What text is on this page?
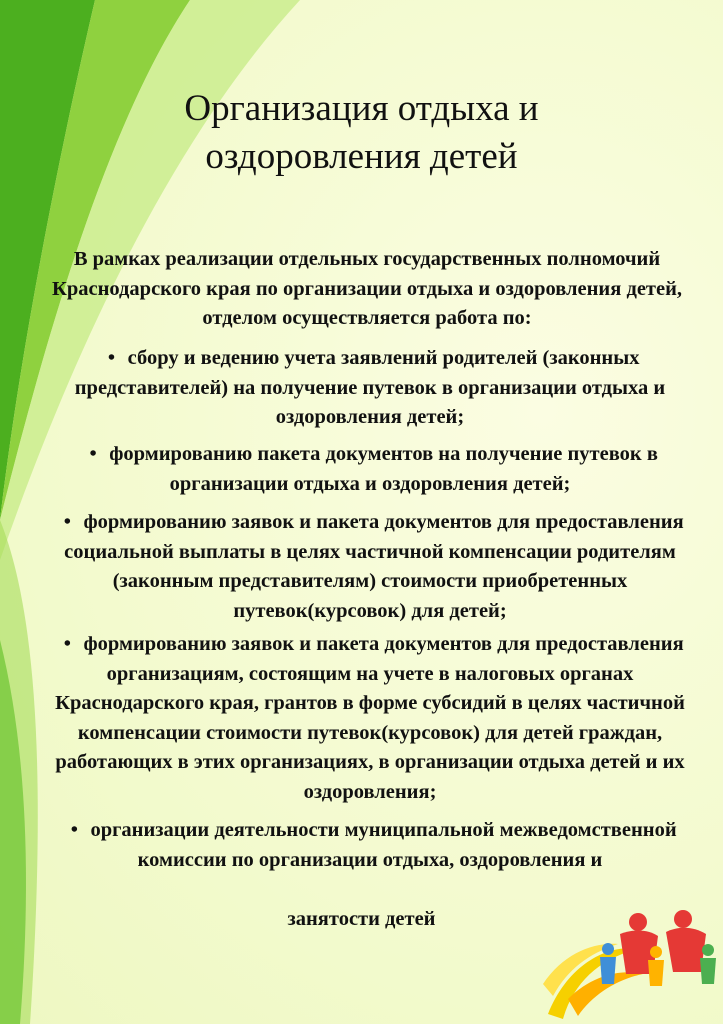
Организация отдыха и
оздоровления детей
В рамках реализации отдельных государственных полномочий Краснодарского края по организации отдыха и оздоровления детей, отделом осуществляется работа по:
• сбору и ведению учета заявлений родителей (законных представителей) на получение путевок в организации отдыха и оздоровления детей;
• формированию пакета документов на получение путевок в организации отдыха и оздоровления детей;
• формированию заявок и пакета документов для предоставления социальной выплаты в целях частичной компенсации родителям (законным представителям) стоимости приобретенных путевок(курсовок) для детей;
• формированию заявок и пакета документов для предоставления организациям, состоящим на учете в налоговых органах Краснодарского края, грантов в форме субсидий в целях частичной компенсации стоимости путевок(курсовок) для детей граждан, работающих в этих организациях, в организации отдыха детей и их оздоровления;
• организации деятельности муниципальной межведомственной комиссии по организации отдыха, оздоровления и
занятости детей
